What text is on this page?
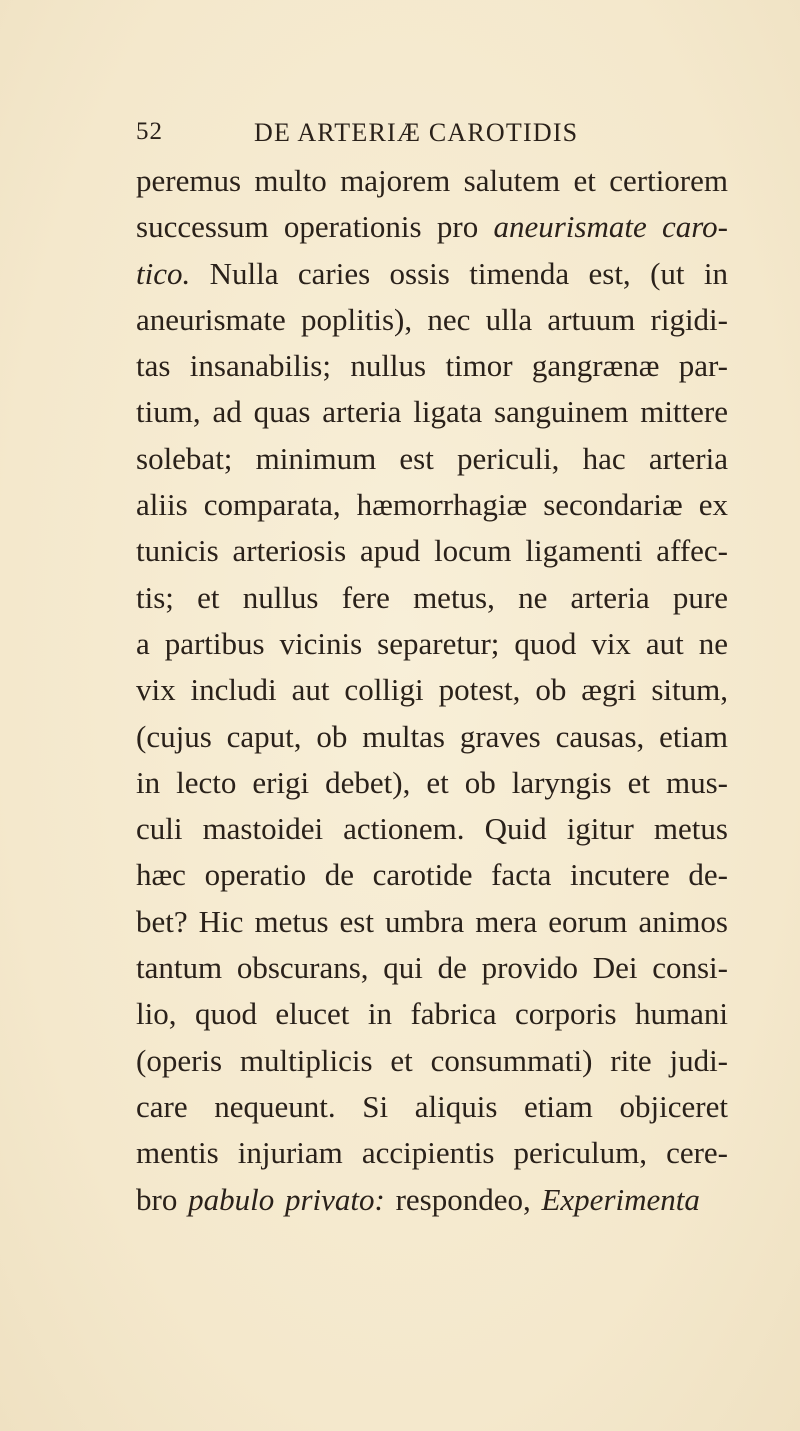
52	DE ARTERIÆ CAROTIDIS
peremus multo majorem salutem et certiorem
successum operationis pro aneurismate caro-
tico. Nulla caries ossis timenda est, (ut in
aneurismate poplitis), nec ulla artuum rigidi-
tas insanabilis; nullus timor gangrænæ par-
tium, ad quas arteria ligata sanguinem mittere
solebat; minimum est periculi, hac arteria
aliis comparata, hæmorrhagiæ secondariæ ex
tunicis arteriosis apud locum ligamenti affec-
tis; et nullus fere metus, ne arteria pure
a partibus vicinis separetur; quod vix aut ne
vix includi aut colligi potest, ob ægri situm,
(cujus caput, ob multas graves causas, etiam
in lecto erigi debet), et ob laryngis et mus-
culi mastoidei actionem. Quid igitur metus
hæc operatio de carotide facta incutere de-
bet? Hic metus est umbra mera eorum animos
tantum obscurans, qui de provido Dei consi-
lio, quod elucet in fabrica corporis humani
(operis multiplicis et consummati) rite judi-
care nequeunt. Si aliquis etiam objiceret
mentis injuriam accipientis periculum, cere-
bro pabulo privato: respondeo, Experimenta
